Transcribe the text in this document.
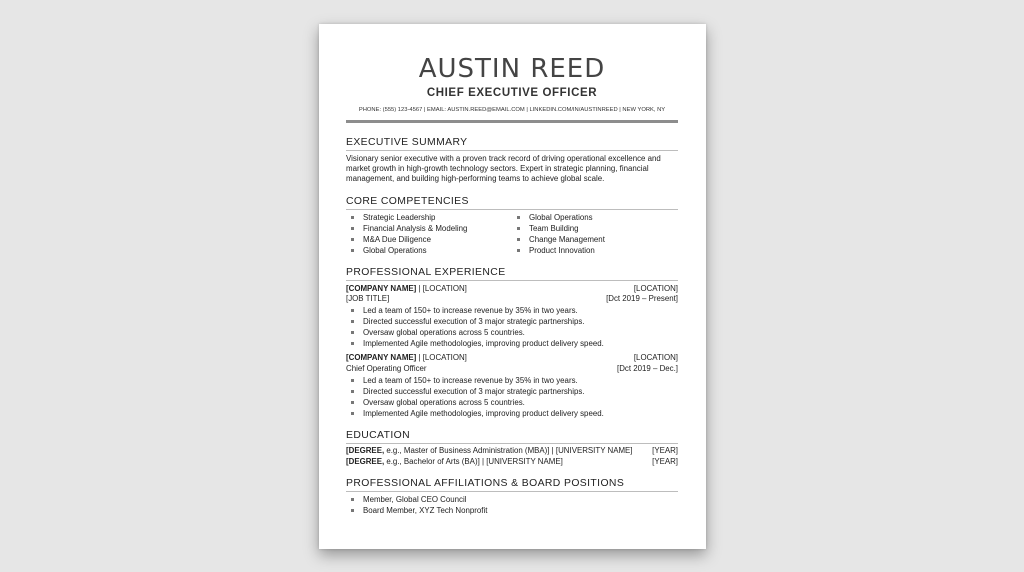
AUSTIN REED
CHIEF EXECUTIVE OFFICER
PHONE: (555) 123-4567 | EMAIL: AUSTIN.REED@EMAIL.COM | LINKEDIN.COM/IN/AUSTINREED | NEW YORK, NY
EXECUTIVE SUMMARY
Visionary senior executive with a proven track record of driving operational excellence and market growth in high-growth technology sectors. Expert in strategic planning, financial management, and building high-performing teams to achieve global scale.
CORE COMPETENCIES
Strategic Leadership
Financial Analysis & Modeling
M&A Due Diligence
Global Operations
Global Operations
Team Building
Change Management
Product Innovation
PROFESSIONAL EXPERIENCE
[COMPANY NAME] | [LOCATION]	[LOCATION]
[JOB TITLE]	[Dct 2019 – Present]
Led a team of 150+ to increase revenue by 35% in two years.
Directed successful execution of 3 major strategic partnerships.
Oversaw global operations across 5 countries.
Implemented Agile methodologies, improving product delivery speed.
[COMPANY NAME] | [LOCATION]	[LOCATION]
Chief Operating Officer	[Dct 2019 – Dec.]
Led a team of 150+ to increase revenue by 35% in two years.
Directed successful execution of 3 major strategic partnerships.
Oversaw global operations across 5 countries.
Implemented Agile methodologies, improving product delivery speed.
EDUCATION
[DEGREE, e.g., Master of Business Administration (MBA)] | [UNIVERSITY NAME] [YEAR]
[DEGREE, e.g., Bachelor of Arts (BA)] | [UNIVERSITY NAME]	[YEAR]
PROFESSIONAL AFFILIATIONS & BOARD POSITIONS
Member, Global CEO Council
Board Member, XYZ Tech Nonprofit
